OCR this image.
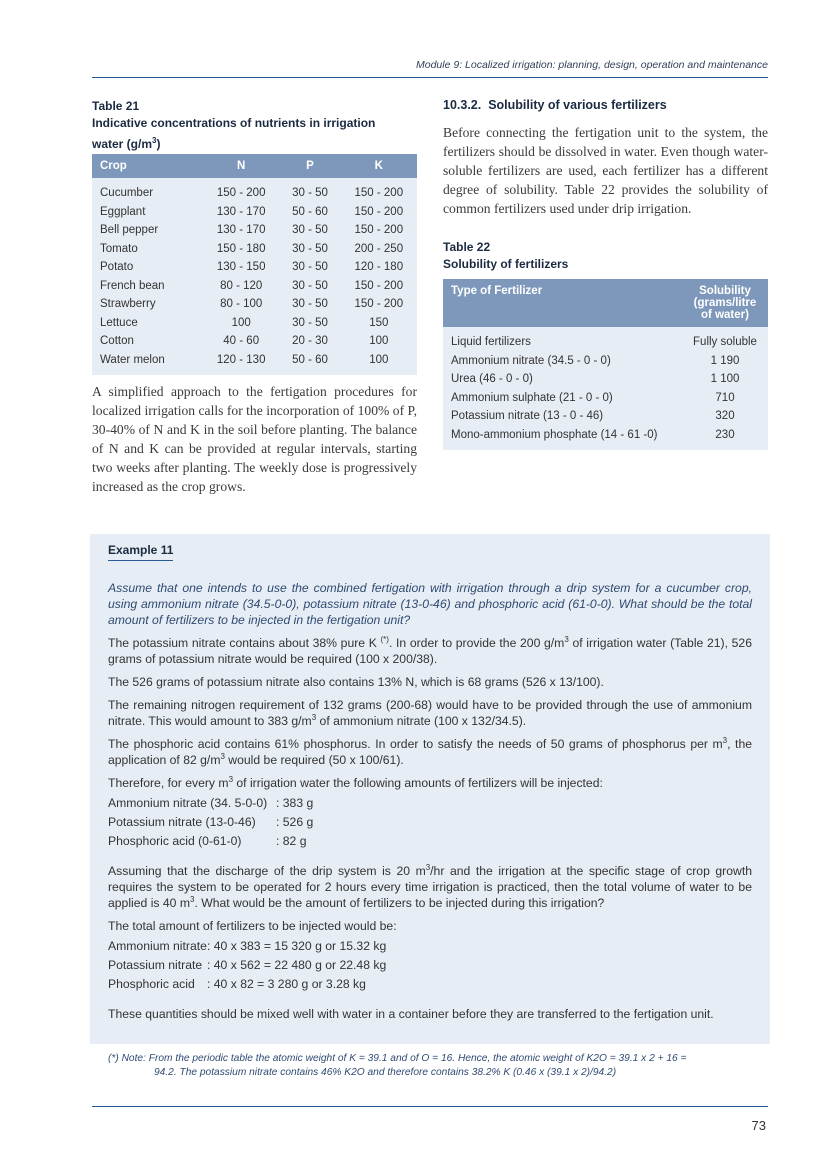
Module 9: Localized irrigation: planning, design, operation and maintenance
Table 21
Indicative concentrations of nutrients in irrigation water $(g/m^3)$
Crop	N	P	K
Cucumber	150 - 200	30 - 50	150 - 200
Eggplant	130 - 170	50 - 60	150 - 200
Bell pepper	130 - 170	30 - 50	150 - 200
Tomato	150 - 180	30 - 50	200 - 250
Potato	130 - 150	30 - 50	120 - 180
French bean	80 - 120	30 - 50	150 - 200
Strawberry	80 - 100	30 - 50	150 - 200
Lettuce	100	30 - 50	150
Cotton	40 - 60	20 - 30	100
Water melon	120 - 130	50 - 60	100
A simplified approach to the fertigation procedures for localized irrigation calls for the incorporation of 100% of P, 30-40% of N and K in the soil before planting. The balance of N and K can be provided at regular intervals, starting two weeks after planting. The weekly dose is progressively increased as the crop grows.
10.3.2. Solubility of various fertilizers
Before connecting the fertigation unit to the system, the fertilizers should be dissolved in water. Even though water-soluble fertilizers are used, each fertilizer has a different degree of solubility. Table 22 provides the solubility of common fertilizers used under drip irrigation.
Table 22
Solubility of fertilizers
Type of Fertilizer	Solubility (grams/litre of water)
Liquid fertilizers	Fully soluble
Ammonium nitrate (34.5 - 0 - 0)	1 190
Urea (46 - 0 - 0)	1 100
Ammonium sulphate (21 - 0 - 0)	710
Potassium nitrate (13 - 0 - 46)	320
Mono-ammonium phosphate (14 - 61 -0)	230
Example 11

Assume that one intends to use the combined fertigation with irrigation through a drip system for a cucumber crop, using ammonium nitrate (34.5-0-0), potassium nitrate (13-0-46) and phosphoric acid (61-0-0). What should be the total amount of fertilizers to be injected in the fertigation unit?

The potassium nitrate contains about 38% pure K (*). In order to provide the 200 $g/m^3$ of irrigation water (Table 21), 526 grams of potassium nitrate would be required (100 x 200/38).

The 526 grams of potassium nitrate also contains 13% N, which is 68 grams (526 x 13/100).

The remaining nitrogen requirement of 132 grams (200-68) would have to be provided through the use of ammonium nitrate. This would amount to 383 $g/m^3$ of ammonium nitrate (100 x 132/34.5).

The phosphoric acid contains 61% phosphorus. In order to satisfy the needs of 50 grams of phosphorus per $m^3$, the application of 82 $g/m^3$ would be required (50 x 100/61).

Therefore, for every $m^3$ of irrigation water the following amounts of fertilizers will be injected:

Ammonium nitrate (34. 5-0-0) : 383 g
Potassium nitrate (13-0-46) : 526 g
Phosphoric acid (0-61-0)	: 82 g

Assuming that the discharge of the drip system is 20 $m^3/hr$ and the irrigation at the specific stage of crop growth requires the system to be operated for 2 hours every time irrigation is practiced, then the total volume of water to be applied is 40 $m^3$. What would be the amount of fertilizers to be injected during this irrigation?

The total amount of fertilizers to be injected would be:

Ammonium nitrate: 40 x 383 = 15 320 g or 15.32 kg
Potassium nitrate : 40 x 562 = 22 480 g or 22.48 kg
Phosphoric acid : 40 x 82 = 3 280 g or 3.28 kg

These quantities should be mixed well with water in a container before they are transferred to the fertigation unit.

(*) Note: From the periodic table the atomic weight of K = 39.1 and of O = 16. Hence, the atomic weight of K2O = 39.1 x 2 + 16 =
94.2. The potassium nitrate contains 46% K2O and therefore contains 38.2% K (0.46 x (39.1 x 2)/94.2)
73
